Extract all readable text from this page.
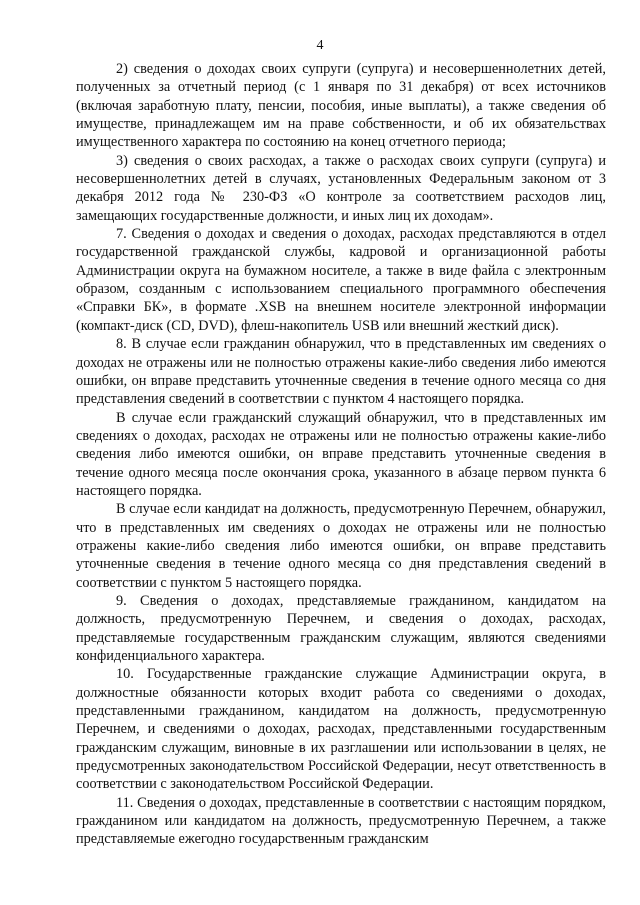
4

2) сведения о доходах своих супруги (супруга) и несовершеннолетних детей, полученных за отчетный период (с 1 января по 31 декабря) от всех источников (включая заработную плату, пенсии, пособия, иные выплаты), а также сведения об имуществе, принадлежащем им на праве собственности, и об их обязательствах имущественного характера по состоянию на конец отчетного периода;

3) сведения о своих расходах, а также о расходах своих супруги (супруга) и несовершеннолетних детей в случаях, установленных Федеральным законом от 3 декабря 2012 года № 230-ФЗ «О контроле за соответствием расходов лиц, замещающих государственные должности, и иных лиц их доходам».

7. Сведения о доходах и сведения о доходах, расходах представляются в отдел государственной гражданской службы, кадровой и организационной работы Администрации округа на бумажном носителе, а также в виде файла с электронным образом, созданным с использованием специального программного обеспечения «Справки БК», в формате .XSB на внешнем носителе электронной информации (компакт-диск (CD, DVD), флеш-накопитель USB или внешний жесткий диск).

8. В случае если гражданин обнаружил, что в представленных им сведениях о доходах не отражены или не полностью отражены какие-либо сведения либо имеются ошибки, он вправе представить уточненные сведения в течение одного месяца со дня представления сведений в соответствии с пунктом 4 настоящего порядка.

В случае если гражданский служащий обнаружил, что в представленных им сведениях о доходах, расходах не отражены или не полностью отражены какие-либо сведения либо имеются ошибки, он вправе представить уточненные сведения в течение одного месяца после окончания срока, указанного в абзаце первом пункта 6 настоящего порядка.

В случае если кандидат на должность, предусмотренную Перечнем, обнаружил, что в представленных им сведениях о доходах не отражены или не полностью отражены какие-либо сведения либо имеются ошибки, он вправе представить уточненные сведения в течение одного месяца со дня представления сведений в соответствии с пунктом 5 настоящего порядка.

9. Сведения о доходах, представляемые гражданином, кандидатом на должность, предусмотренную Перечнем, и сведения о доходах, расходах, представляемые государственным гражданским служащим, являются сведениями конфиденциального характера.

10. Государственные гражданские служащие Администрации округа, в должностные обязанности которых входит работа со сведениями о доходах, представленными гражданином, кандидатом на должность, предусмотренную Перечнем, и сведениями о доходах, расходах, представленными государственным гражданским служащим, виновные в их разглашении или использовании в целях, не предусмотренных законодательством Российской Федерации, несут ответственность в соответствии с законодательством Российской Федерации.

11. Сведения о доходах, представленные в соответствии с настоящим порядком, гражданином или кандидатом на должность, предусмотренную Перечнем, а также представляемые ежегодно государственным гражданским
